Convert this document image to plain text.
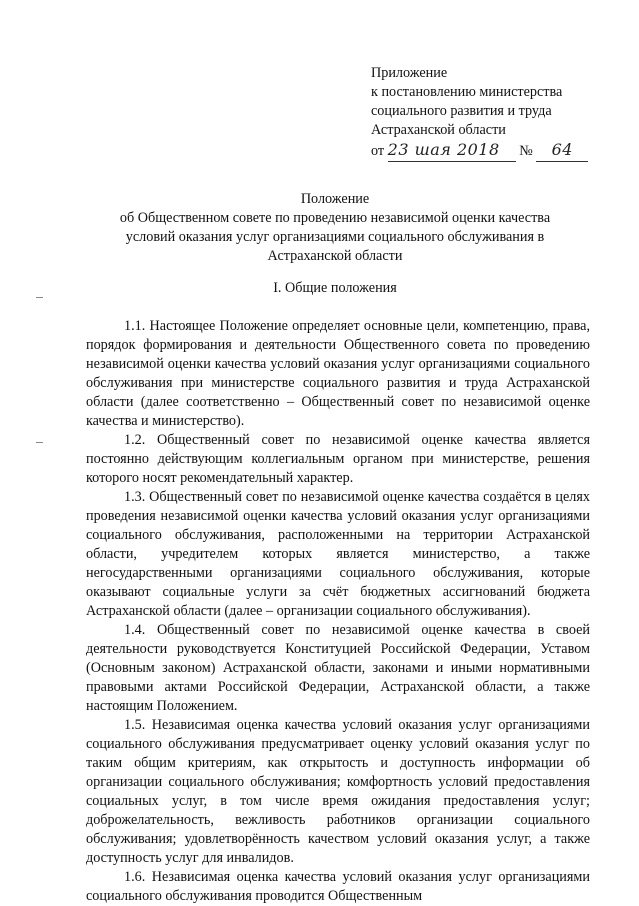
Приложение
к постановлению министерства
социального развития и труда
Астраханской области
от 23 шая 2018 № 64
Положение
об Общественном совете по проведению независимой оценки качества
условий оказания услуг организациями социального обслуживания в
Астраханской области
I. Общие положения

1.1. Настоящее Положение определяет основные цели, компетенцию, права, порядок формирования и деятельности Общественного совета по проведению независимой оценки качества условий оказания услуг организациями социального обслуживания при министерстве социального развития и труда Астраханской области (далее соответственно – Общественный совет по независимой оценке качества и министерство).

1.2. Общественный совет по независимой оценке качества является постоянно действующим коллегиальным органом при министерстве, решения которого носят рекомендательный характер.

1.3. Общественный совет по независимой оценке качества создаётся в целях проведения независимой оценки качества условий оказания услуг организациями социального обслуживания, расположенными на территории Астраханской области, учредителем которых является министерство, а также негосударственными организациями социального обслуживания, которые оказывают социальные услуги за счёт бюджетных ассигнований бюджета Астраханской области (далее – организации социального обслуживания).

1.4. Общественный совет по независимой оценке качества в своей деятельности руководствуется Конституцией Российской Федерации, Уставом (Основным законом) Астраханской области, законами и иными нормативными правовыми актами Российской Федерации, Астраханской области, а также настоящим Положением.

1.5. Независимая оценка качества условий оказания услуг организациями социального обслуживания предусматривает оценку условий оказания услуг по таким общим критериям, как открытость и доступность информации об организации социального обслуживания; комфортность условий предоставления социальных услуг, в том числе время ожидания предоставления услуг; доброжелательность, вежливость работников организации социального обслуживания; удовлетворённость качеством условий оказания услуг, а также доступность услуг для инвалидов.

1.6. Независимая оценка качества условий оказания услуг организациями социального обслуживания проводится Общественным
